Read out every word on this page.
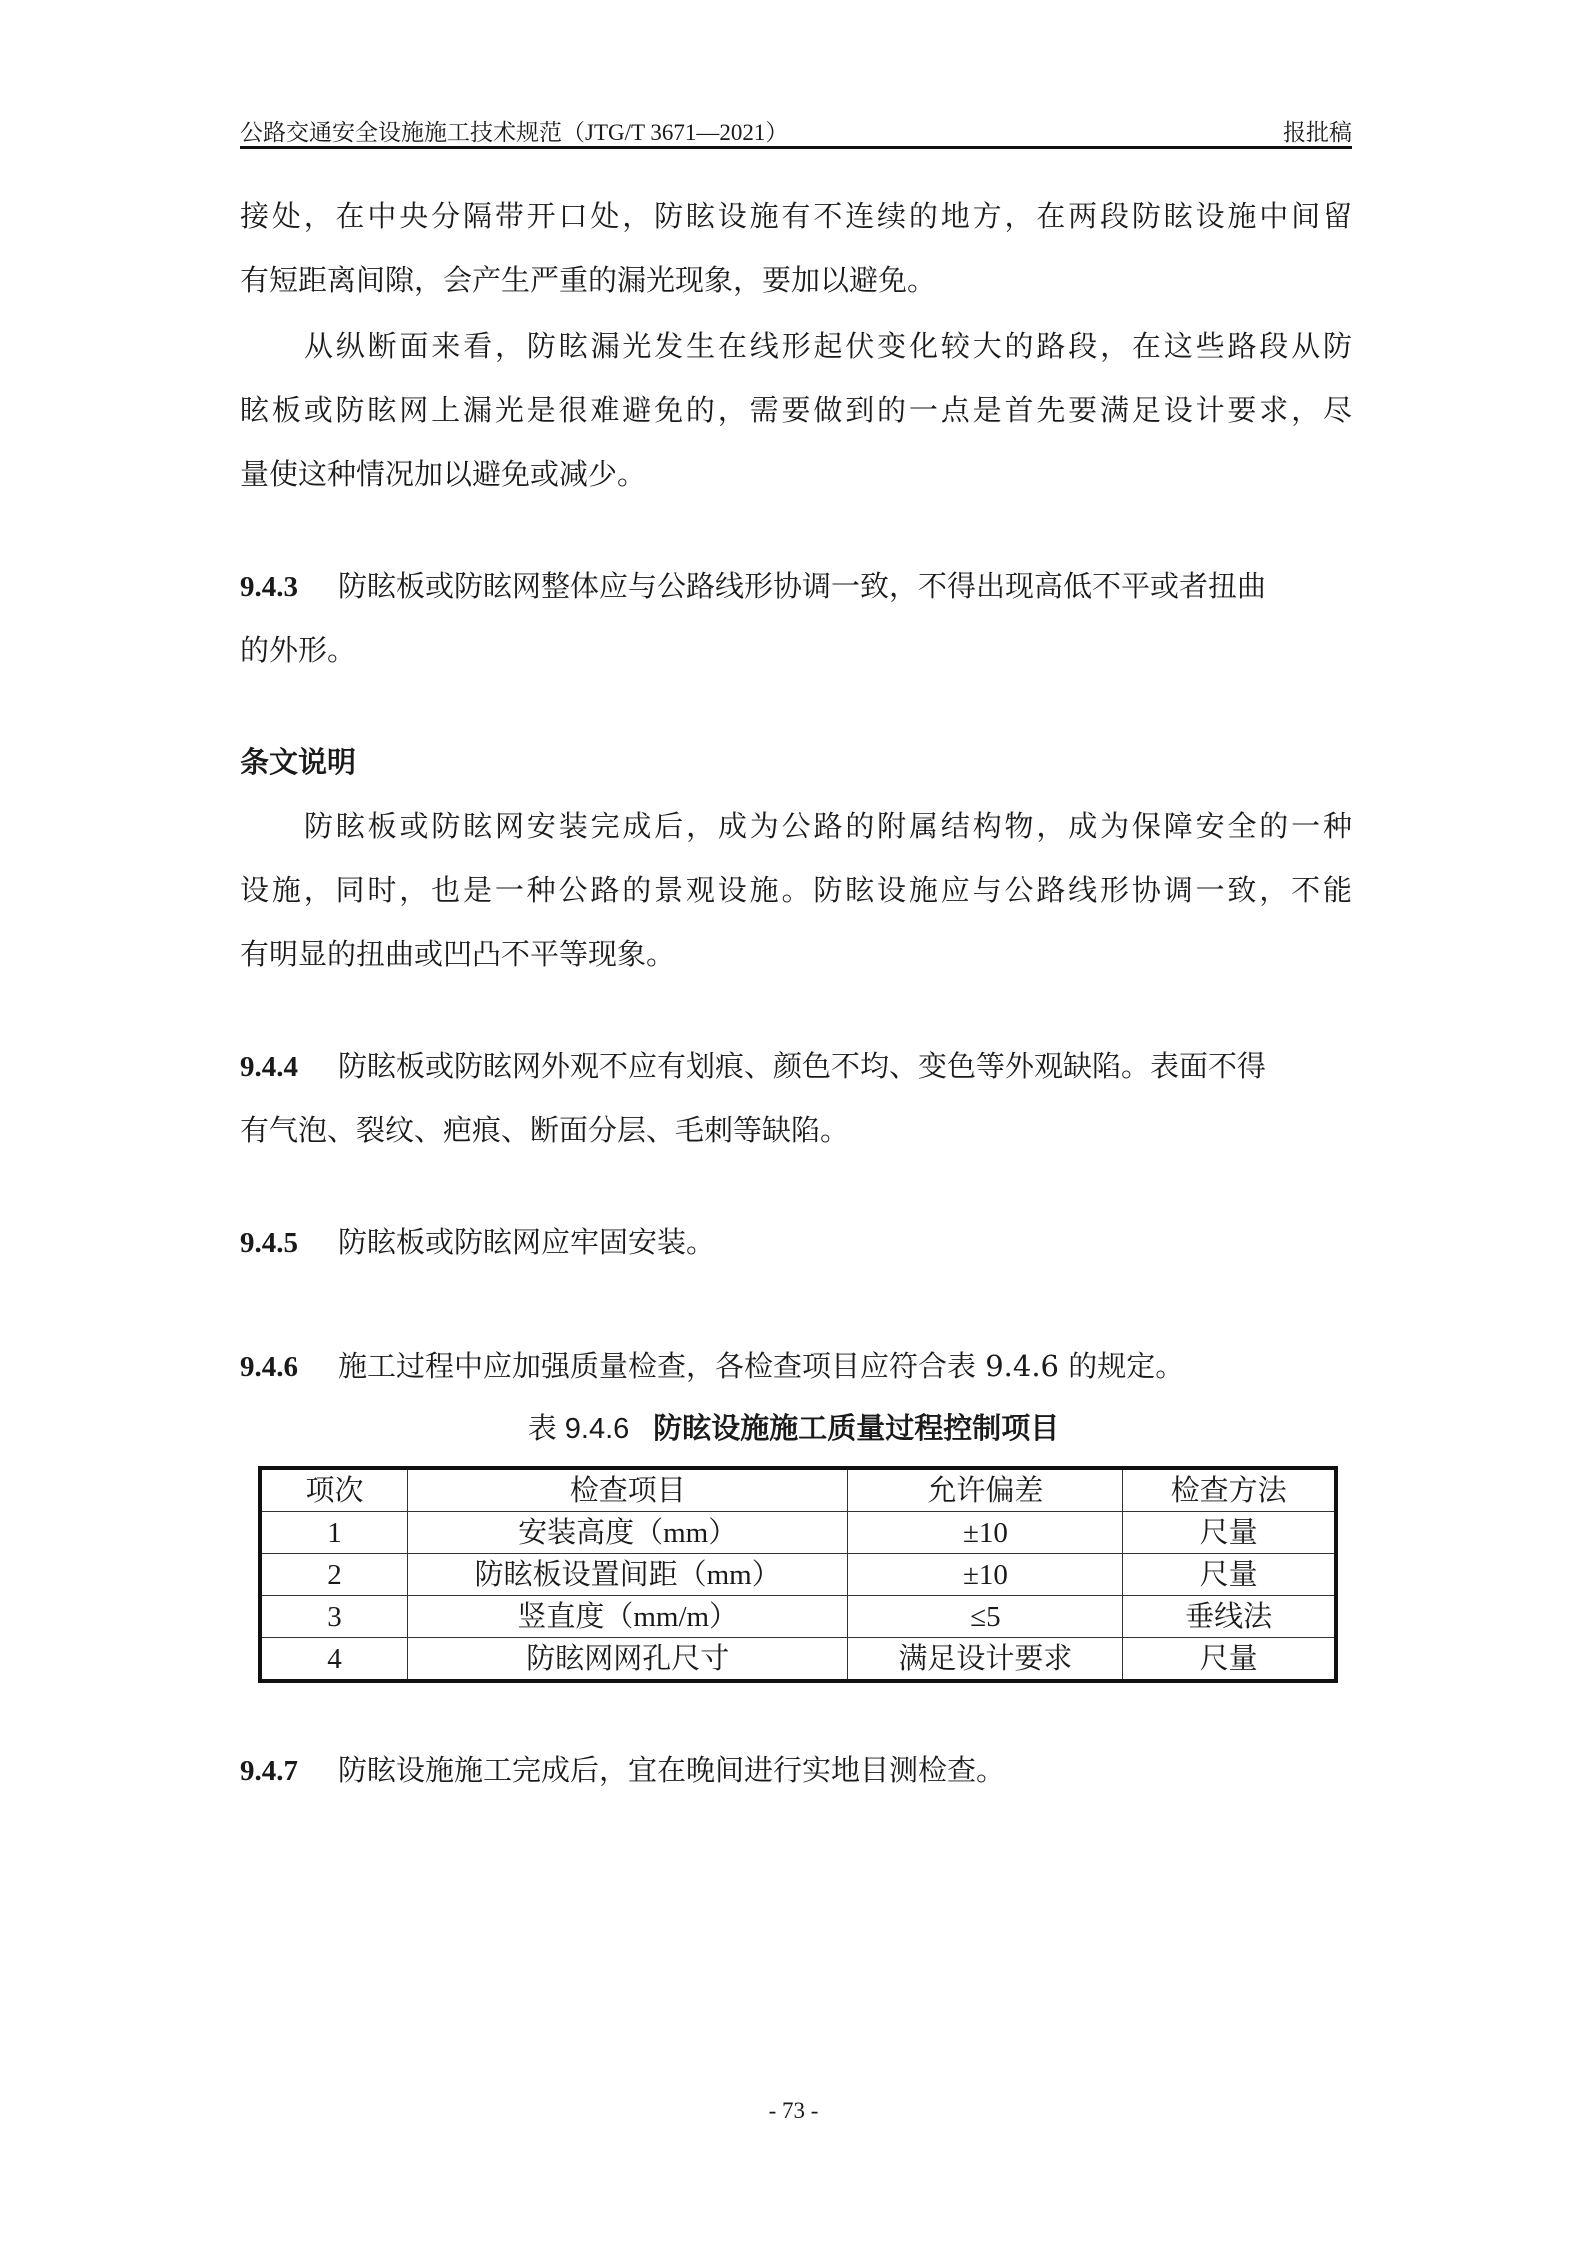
公路交通安全设施施工技术规范（JTG/T 3671—2021）	报批稿
接处，在中央分隔带开口处，防眩设施有不连续的地方，在两段防眩设施中间留
有短距离间隙，会产生严重的漏光现象，要加以避免。
从纵断面来看，防眩漏光发生在线形起伏变化较大的路段，在这些路段从防
眩板或防眩网上漏光是很难避免的，需要做到的一点是首先要满足设计要求，尽
量使这种情况加以避免或减少。
9.4.3 防眩板或防眩网整体应与公路线形协调一致，不得出现高低不平或者扭曲
的外形。
条文说明
防眩板或防眩网安装完成后，成为公路的附属结构物，成为保障安全的一种
设施，同时，也是一种公路的景观设施。防眩设施应与公路线形协调一致，不能
有明显的扭曲或凹凸不平等现象。
9.4.4 防眩板或防眩网外观不应有划痕、颜色不均、变色等外观缺陷。表面不得
有气泡、裂纹、疤痕、断面分层、毛刺等缺陷。
9.4.5 防眩板或防眩网应牢固安装。
9.4.6 施工过程中应加强质量检查，各检查项目应符合表 9.4.6 的规定。
表 9.4.6 防眩设施施工质量过程控制项目
项次	检查项目	允许偏差	检查方法
1	安装高度（mm）	±10	尺量
2	防眩板设置间距（mm）	±10	尺量
3	竖直度（mm/m）	≤5	垂线法
4	防眩网网孔尺寸	满足设计要求	尺量
9.4.7 防眩设施施工完成后，宜在晚间进行实地目测检查。
- 73 -
